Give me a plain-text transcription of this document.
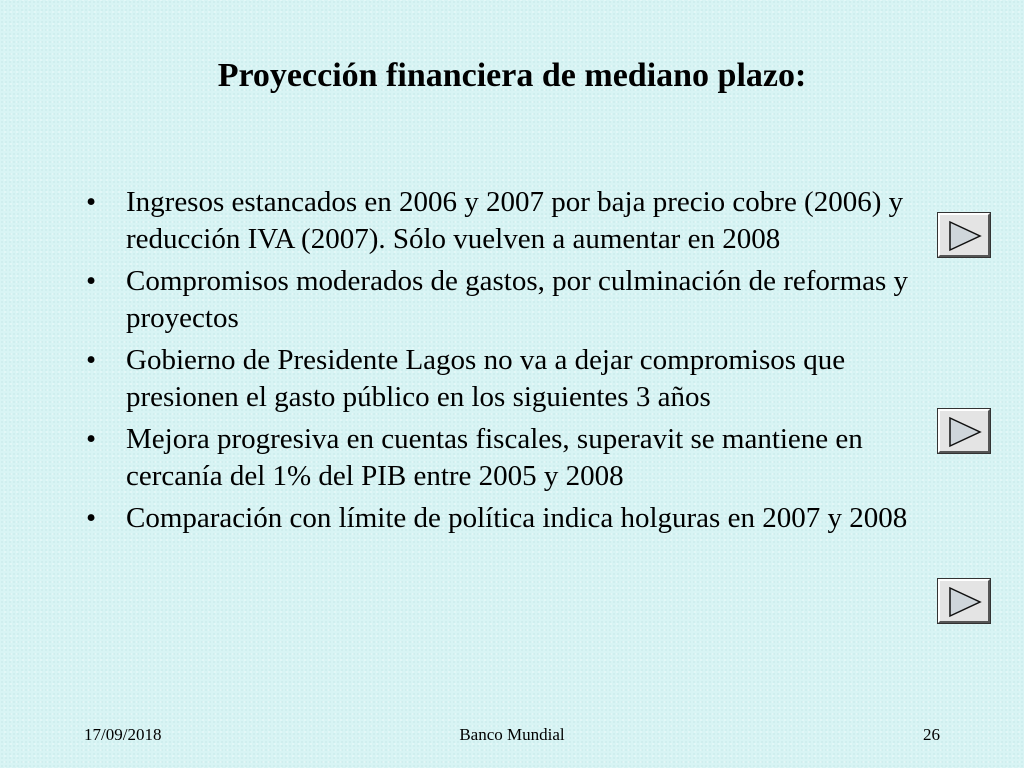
Proyección financiera de mediano plazo:
• Ingresos estancados en 2006 y 2007 por baja precio cobre (2006) y reducción IVA (2007). Sólo vuelven a aumentar en 2008
• Compromisos moderados de gastos, por culminación de reformas y proyectos
• Gobierno de Presidente Lagos no va a dejar compromisos que presionen el gasto público en los siguientes 3 años
• Mejora progresiva en cuentas fiscales, superavit se mantiene en cercanía del 1% del PIB entre 2005 y 2008
• Comparación con límite de política indica holguras en 2007 y 2008
17/09/2018	Banco Mundial	26
